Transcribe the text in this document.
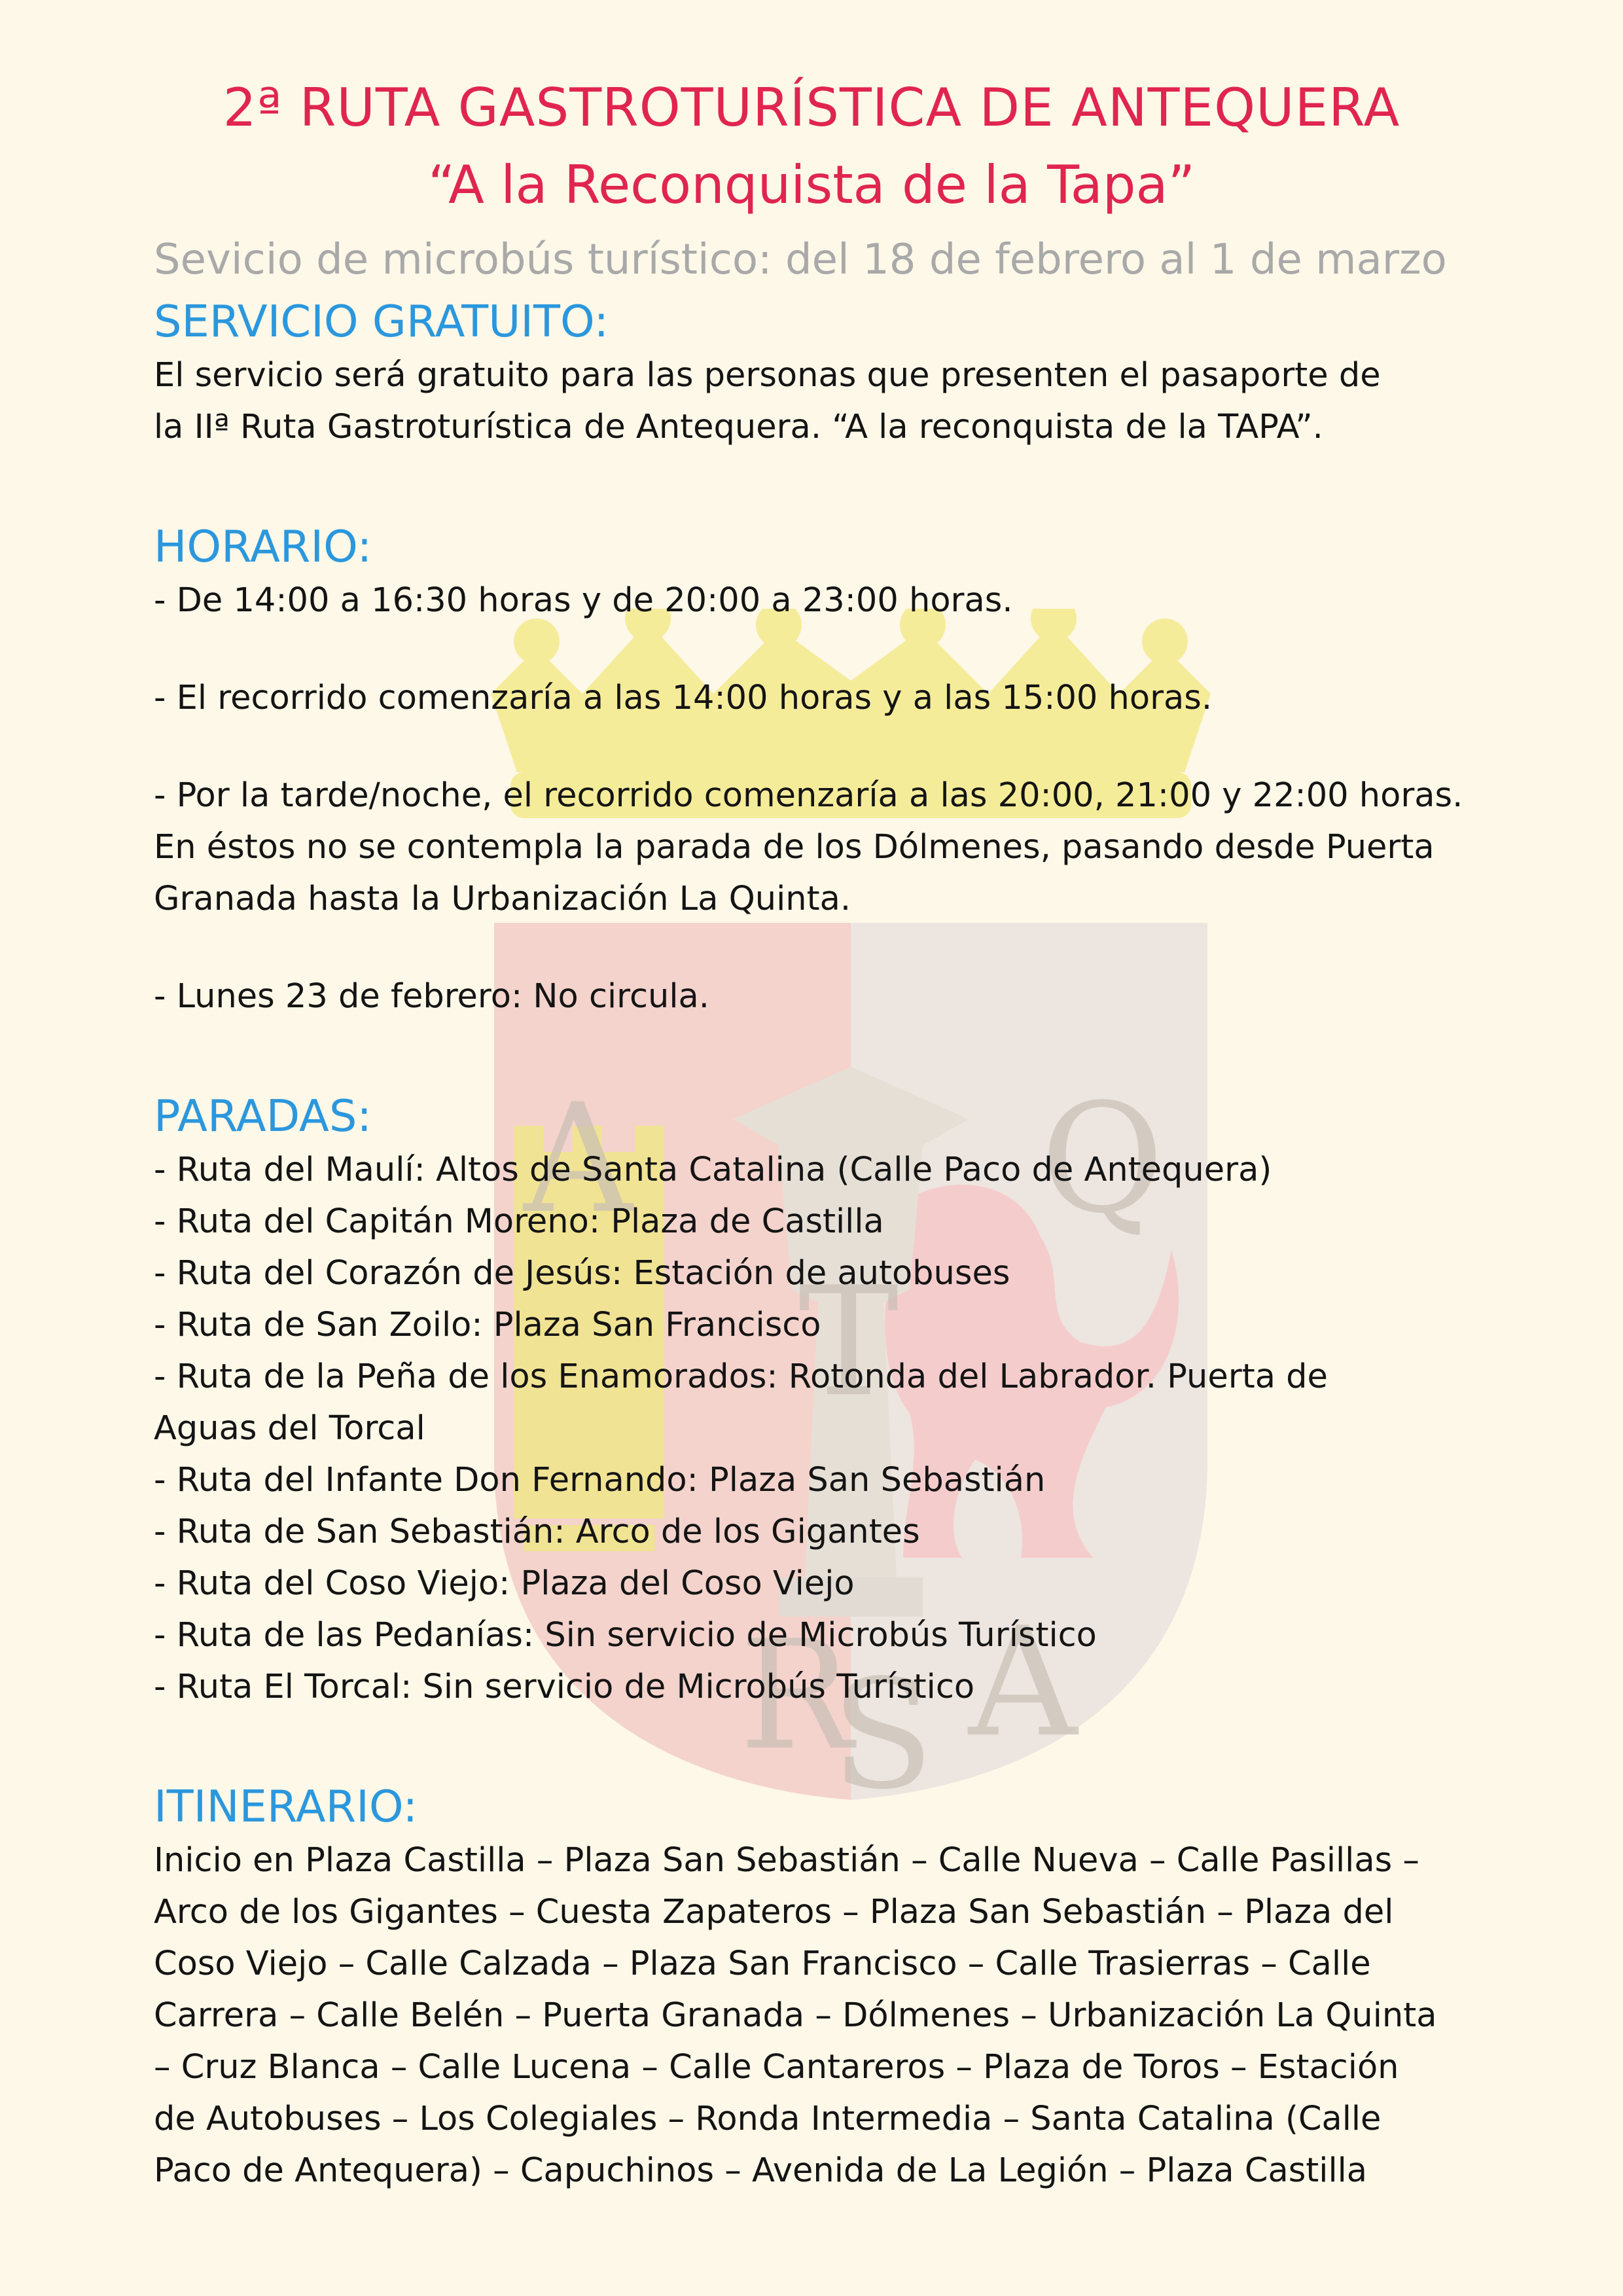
A	Q
T
R
S A
2ª RUTA GASTROTURÍSTICA DE ANTEQUERA
“A la Reconquista de la Tapa”
Sevicio de microbús turístico: del 18 de febrero al 1 de marzo
SERVICIO GRATUITO:
El servicio será gratuito para las personas que presenten el pasaporte de
la IIª Ruta Gastroturística de Antequera. “A la reconquista de la TAPA”.
HORARIO:
- De 14:00 a 16:30 horas y de 20:00 a 23:00 horas.
- El recorrido comenzaría a las 14:00 horas y a las 15:00 horas.
- Por la tarde/noche, el recorrido comenzaría a las 20:00, 21:00 y 22:00 horas.
En éstos no se contempla la parada de los Dólmenes, pasando desde Puerta
Granada hasta la Urbanización La Quinta.
- Lunes 23 de febrero: No circula.
PARADAS:
- Ruta del Maulí: Altos de Santa Catalina (Calle Paco de Antequera)
- Ruta del Capitán Moreno: Plaza de Castilla
- Ruta del Corazón de Jesús: Estación de autobuses
- Ruta de San Zoilo: Plaza San Francisco
- Ruta de la Peña de los Enamorados: Rotonda del Labrador. Puerta de
Aguas del Torcal
- Ruta del Infante Don Fernando: Plaza San Sebastián
- Ruta de San Sebastián: Arco de los Gigantes
- Ruta del Coso Viejo: Plaza del Coso Viejo
- Ruta de las Pedanías: Sin servicio de Microbús Turístico
- Ruta El Torcal: Sin servicio de Microbús Turístico
ITINERARIO:
Inicio en Plaza Castilla – Plaza San Sebastián – Calle Nueva – Calle Pasillas –
Arco de los Gigantes – Cuesta Zapateros – Plaza San Sebastián – Plaza del
Coso Viejo – Calle Calzada – Plaza San Francisco – Calle Trasierras – Calle
Carrera – Calle Belén – Puerta Granada – Dólmenes – Urbanización La Quinta
– Cruz Blanca – Calle Lucena – Calle Cantareros – Plaza de Toros – Estación
de Autobuses – Los Colegiales – Ronda Intermedia – Santa Catalina (Calle
Paco de Antequera) – Capuchinos – Avenida de La Legión – Plaza Castilla
